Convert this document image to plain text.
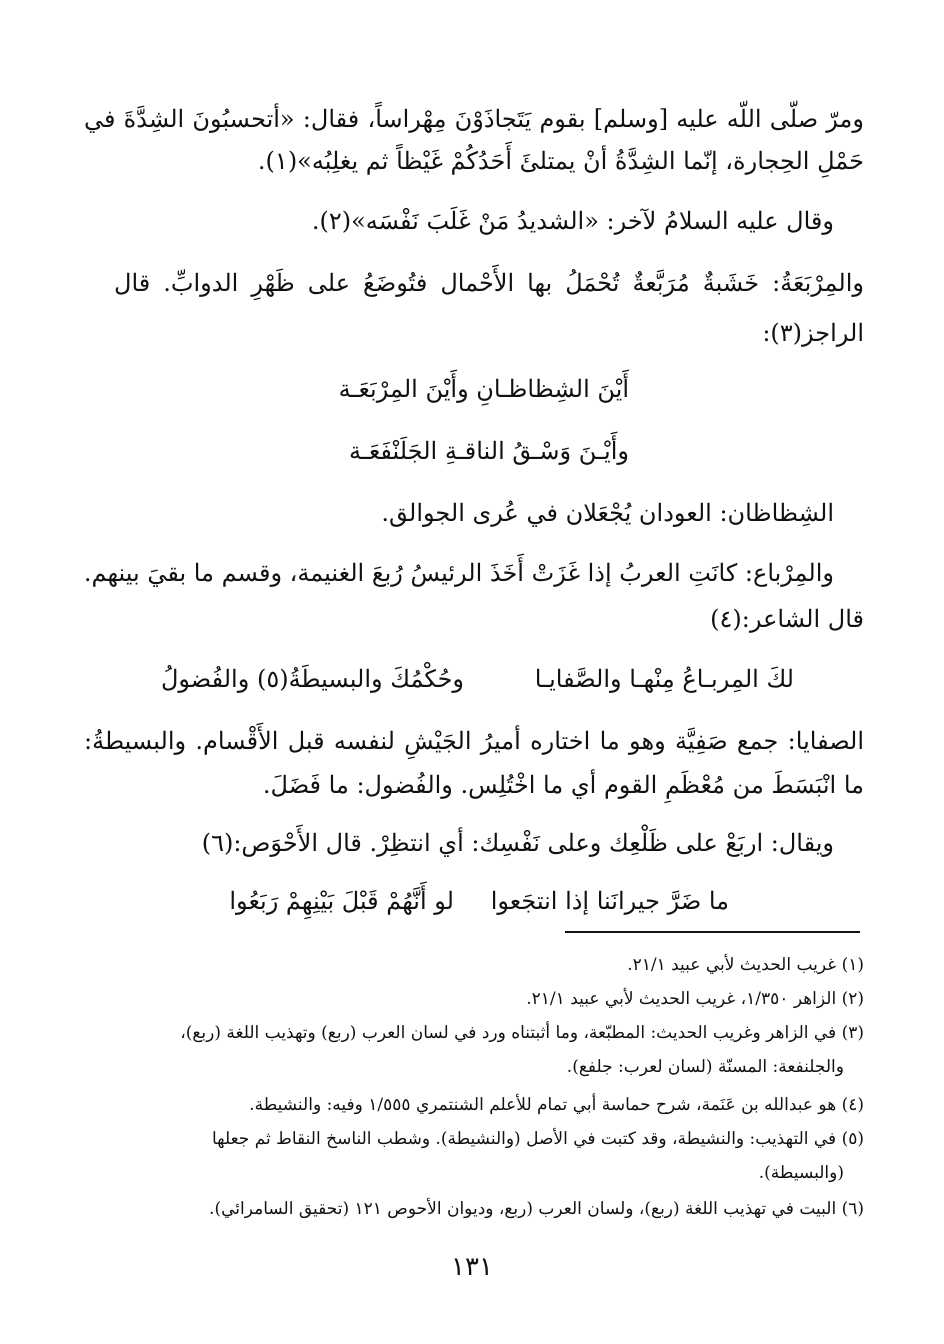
ومرّ صلّى اللّه عليه [وسلم] بقوم يَتَجاذَوْنَ مِهْراساً، فقال: «أتحسبُونَ الشِدَّةَ في
حَمْلِ الحِجارة، إنّما الشِدَّةُ أنْ يمتلئَ أَحَدُكُمْ غَيْظاً ثم يغلِبُه»(١).
وقال عليه السلامُ لآخر: «الشديدُ مَنْ غَلَبَ نَفْسَه»(٢).
والمِرْبَعَةُ: خَشَبةٌ مُرَبَّعةٌ تُحْمَلُ بها الأَحْمال فتُوضَعُ على ظَهْرِ الدوابِّ. قال
الراجز(٣):
أَيْنَ الشِظاظـانِ وأَيْنَ المِرْبَعَـة
وأَيْـنَ وَسْـقُ الناقـةِ الجَلَنْفَعَـة
الشِظاظان: العودان يُجْعَلان في عُرى الجوالق.
والمِرْباع: كانَتِ العربُ إذا غَزَتْ أَخَذَ الرئيسُ رُبعَ الغنيمة، وقسم ما بقيَ بينهم.
قال الشاعر:(٤)
لكَ المِربـاعُ مِنْهـا والصَّفايـا
وحُكْمُكَ والبسيطَةُ(٥) والفُضولُ
الصفايا: جمع صَفِيَّة وهو ما اختاره أميرُ الجَيْشِ لنفسه قبل الأَقْسام. والبسيطةُ:
ما انْبَسَطَ من مُعْظَمِ القوم أي ما اخْتُلِس. والفُضول: ما فَضَلَ.
ويقال: اربَعْ على ظَلْعِك وعلى نَفْسِك: أي انتظِرْ. قال الأَحْوَص:(٦)
ما ضَرَّ جيرانَنا إذا انتجَعوا
لو أَنَّهُمْ قَبْلَ بَيْنِهِمْ رَبَعُوا
(١) غريب الحديث لأبي عبيد ٢١/١.
(٢) الزاهر ١/٣٥٠، غريب الحديث لأبي عبيد ٢١/١.
(٣) في الزاهر وغريب الحديث: المطبّعة، وما أثبتناه ورد في لسان العرب (ربع) وتهذيب اللغة (ربع)،
والجلنفعة: المسنّة (لسان لعرب: جلفع).
(٤) هو عبدالله بن عَنَمة، شرح حماسة أبي تمام للأعلم الشنتمري ١/٥٥٥ وفيه: والنشيطة.
(٥) في التهذيب: والنشيطة، وقد كتبت في الأصل (والنشيطة). وشطب الناسخ النقاط ثم جعلها
(والبسيطة).
(٦) البيت في تهذيب اللغة (ربع)، ولسان العرب (ربع، وديوان الأحوص ١٢١ (تحقيق السامرائي).
١٣١
